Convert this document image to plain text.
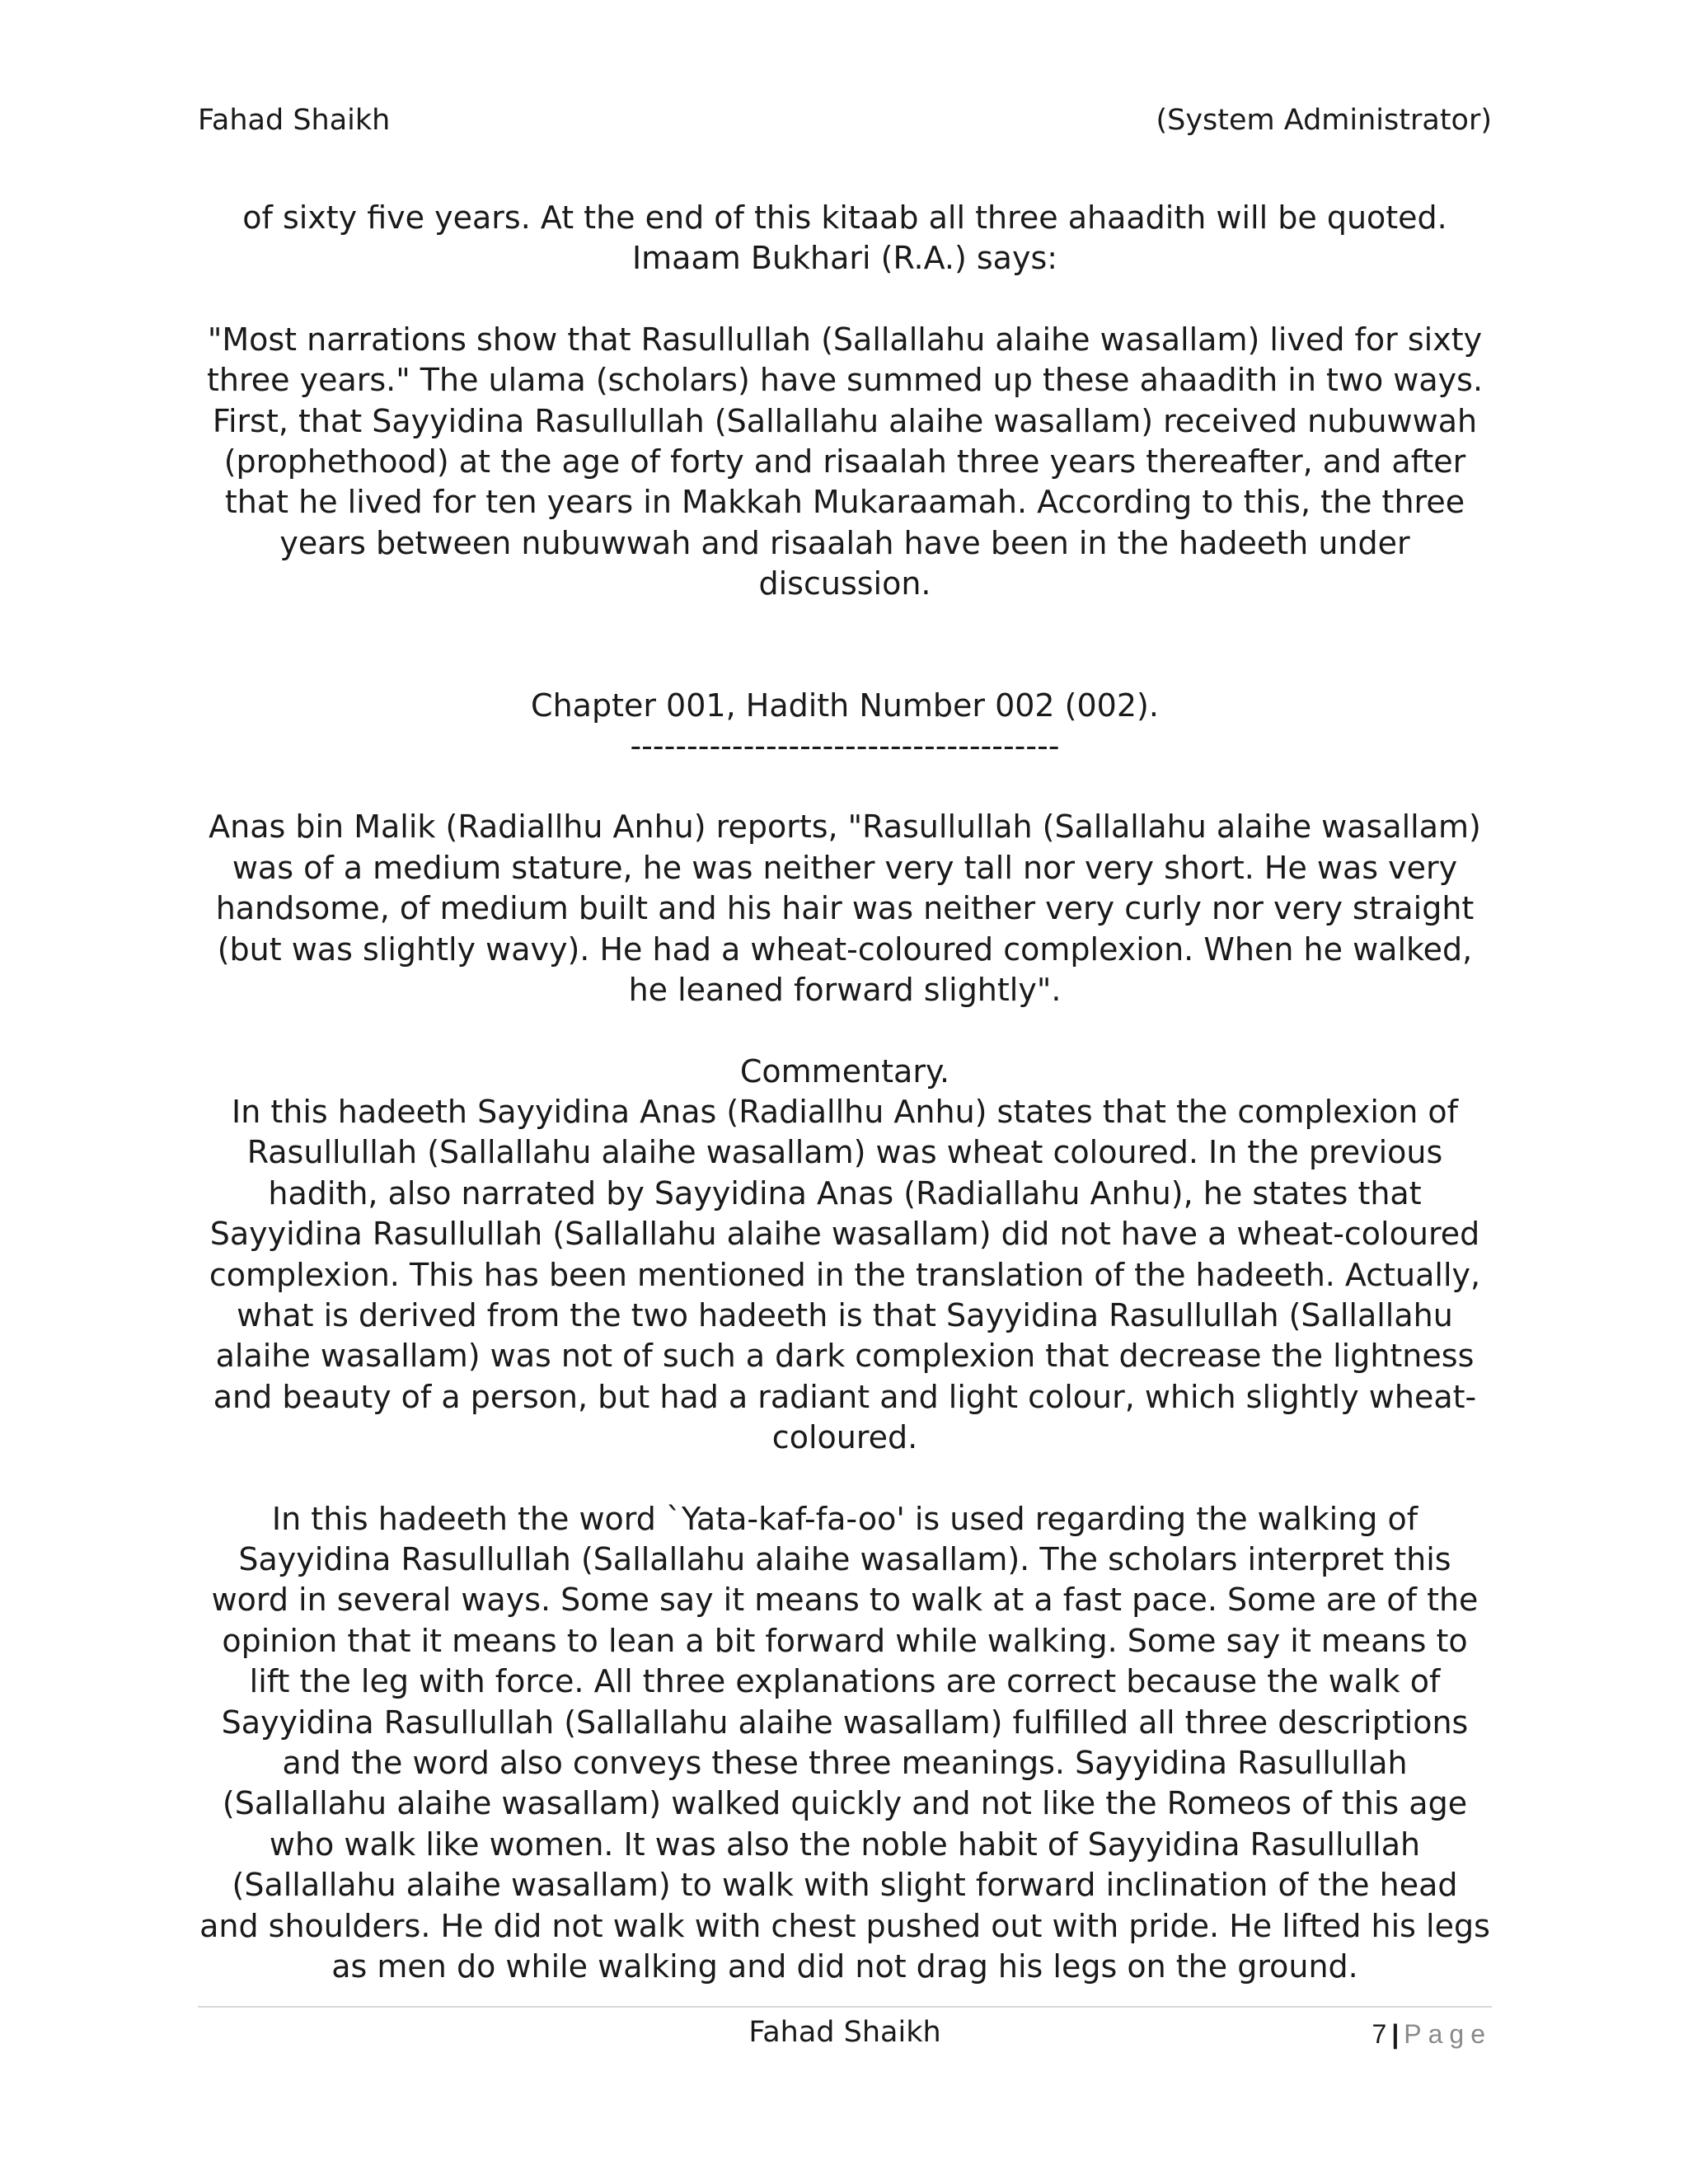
Fahad Shaikh	(System Administrator)

of sixty five years. At the end of this kitaab all three ahaadith will be quoted.

Imaam Bukhari (R.A.) says:

"Most narrations show that Rasullullah (Sallallahu alaihe wasallam) lived for sixty three years." The ulama (scholars) have summed up these ahaadith in two ways. First, that Sayyidina Rasullullah (Sallallahu alaihe wasallam) received nubuwwah (prophethood) at the age of forty and risaalah three years thereafter, and after that he lived for ten years in Makkah Mukaraamah. According to this, the three years between nubuwwah and risaalah have been in the hadeeth under discussion.

Chapter 001, Hadith Number 002 (002).

--------------------------------------

Anas bin Malik (Radiallhu Anhu) reports, "Rasullullah (Sallallahu alaihe wasallam) was of a medium stature, he was neither very tall nor very short. He was very handsome, of medium built and his hair was neither very curly nor very straight (but was slightly wavy). He had a wheat-coloured complexion. When he walked, he leaned forward slightly".

Commentary.

In this hadeeth Sayyidina Anas (Radiallhu Anhu) states that the complexion of Rasullullah (Sallallahu alaihe wasallam) was wheat coloured. In the previous hadith, also narrated by Sayyidina Anas (Radiallahu Anhu), he states that Sayyidina Rasullullah (Sallallahu alaihe wasallam) did not have a wheat-coloured complexion. This has been mentioned in the translation of the hadeeth. Actually, what is derived from the two hadeeth is that Sayyidina Rasullullah (Sallallahu alaihe wasallam) was not of such a dark complexion that decrease the lightness and beauty of a person, but had a radiant and light colour, which slightly wheat-coloured.

In this hadeeth the word `Yata-kaf-fa-oo' is used regarding the walking of Sayyidina Rasullullah (Sallallahu alaihe wasallam). The scholars interpret this word in several ways. Some say it means to walk at a fast pace. Some are of the opinion that it means to lean a bit forward while walking. Some say it means to lift the leg with force. All three explanations are correct because the walk of Sayyidina Rasullullah (Sallallahu alaihe wasallam) fulfilled all three descriptions and the word also conveys these three meanings. Sayyidina Rasullullah (Sallallahu alaihe wasallam) walked quickly and not like the Romeos of this age who walk like women. It was also the noble habit of Sayyidina Rasullullah (Sallallahu alaihe wasallam) to walk with slight forward inclination of the head and shoulders. He did not walk with chest pushed out with pride. He lifted his legs as men do while walking and did not drag his legs on the ground.

Fahad Shaikh	7 | Page
